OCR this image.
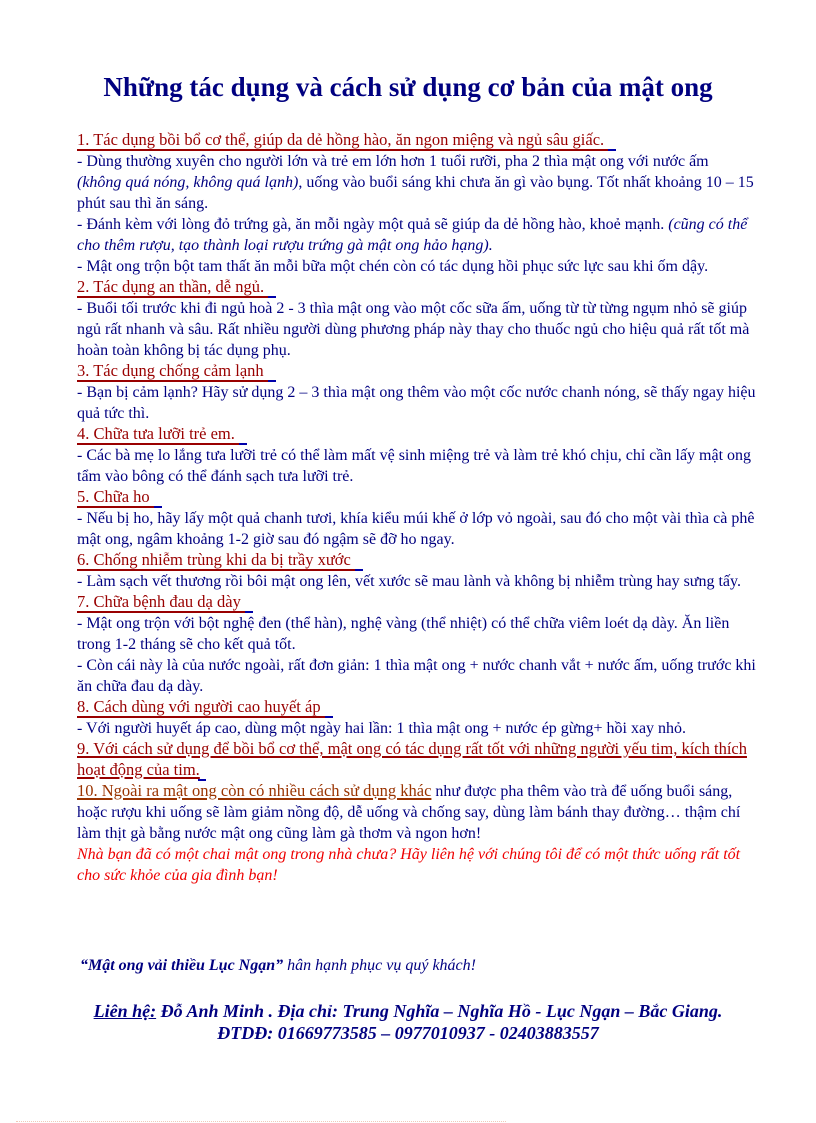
Những tác dụng và cách sử dụng cơ bản của mật ong

1. Tác dụng bồi bổ cơ thể, giúp da dẻ hồng hào, ăn ngon miệng và ngủ sâu giấc.

- Dùng thường xuyên cho người lớn và trẻ em lớn hơn 1 tuổi rưỡi, pha 2 thìa mật ong với nước ấm (không quá nóng, không quá lạnh), uống vào buổi sáng khi chưa ăn gì vào bụng. Tốt nhất khoảng 10 – 15 phút sau thì ăn sáng.

- Đánh kèm với lòng đỏ trứng gà, ăn mỗi ngày một quả sẽ giúp da dẻ hồng hào, khoẻ mạnh. (cũng có thể cho thêm rượu, tạo thành loại rượu trứng gà mật ong hảo hạng).

- Mật ong trộn bột tam thất ăn mỗi bữa một chén còn có tác dụng hồi phục sức lực sau khi ốm dậy.

2. Tác dụng an thần, dễ ngủ.

- Buổi tối trước khi đi ngủ hoà 2 - 3 thìa mật ong vào một cốc sữa ấm, uống từ từ từng ngụm nhỏ sẽ giúp ngủ rất nhanh và sâu. Rất nhiều người dùng phương pháp này thay cho thuốc ngủ cho hiệu quả rất tốt mà hoàn toàn không bị tác dụng phụ.

3. Tác dụng chống cảm lạnh

- Bạn bị cảm lạnh? Hãy sử dụng 2 – 3 thìa mật ong thêm vào một cốc nước chanh nóng, sẽ thấy ngay hiệu quả tức thì.

4. Chữa tưa lưỡi trẻ em.

- Các bà mẹ lo lắng tưa lưỡi trẻ có thể làm mất vệ sinh miệng trẻ và làm trẻ khó chịu, chỉ cần lấy mật ong tẩm vào bông có thể đánh sạch tưa lưỡi trẻ.

5. Chữa ho

- Nếu bị ho, hãy lấy một quả chanh tươi, khía kiểu múi khế ở lớp vỏ ngoài, sau đó cho một vài thìa cà phê mật ong, ngâm khoảng 1-2 giờ sau đó ngậm sẽ đỡ ho ngay.

6. Chống nhiễm trùng khi da bị trầy xước

- Làm sạch vết thương rồi bôi mật ong lên, vết xước sẽ mau lành và không bị nhiễm trùng hay sưng tấy.

7. Chữa bệnh đau dạ dày

- Mật ong trộn với bột nghệ đen (thể hàn), nghệ vàng (thể nhiệt) có thể chữa viêm loét dạ dày. Ăn liền trong 1-2 tháng sẽ cho kết quả tốt.

- Còn cái này là của nước ngoài, rất đơn giản: 1 thìa mật ong + nước chanh vắt + nước ấm, uống trước khi ăn chữa đau dạ dày.

8. Cách dùng với người cao huyết áp

- Với người huyết áp cao, dùng một ngày hai lần: 1 thìa mật ong + nước ép gừng+ hồi xay nhỏ.

9. Với cách sử dụng để bồi bổ cơ thể, mật ong có tác dụng rất tốt với những người yếu tim, kích thích hoạt động của tim.

10. Ngoài ra mật ong còn có nhiều cách sử dụng khác như được pha thêm vào trà để uống buổi sáng, hoặc rượu khi uống sẽ làm giảm nồng độ, dễ uống và chống say, dùng làm bánh thay đường… thậm chí làm thịt gà bằng nước mật ong cũng làm gà thơm và ngon hơn!

Nhà bạn đã có một chai mật ong trong nhà chưa? Hãy liên hệ với chúng tôi để có một thức uống rất tốt cho sức khỏe của gia đình bạn!

“Mật ong vải thiều Lục Ngạn” hân hạnh phục vụ quý khách!
Liên hệ: Đỗ Anh Minh . Địa chỉ: Trung Nghĩa – Nghĩa Hồ - Lục Ngạn – Bắc Giang.
ĐTDĐ: 01669773585 – 0977010937 - 02403883557
